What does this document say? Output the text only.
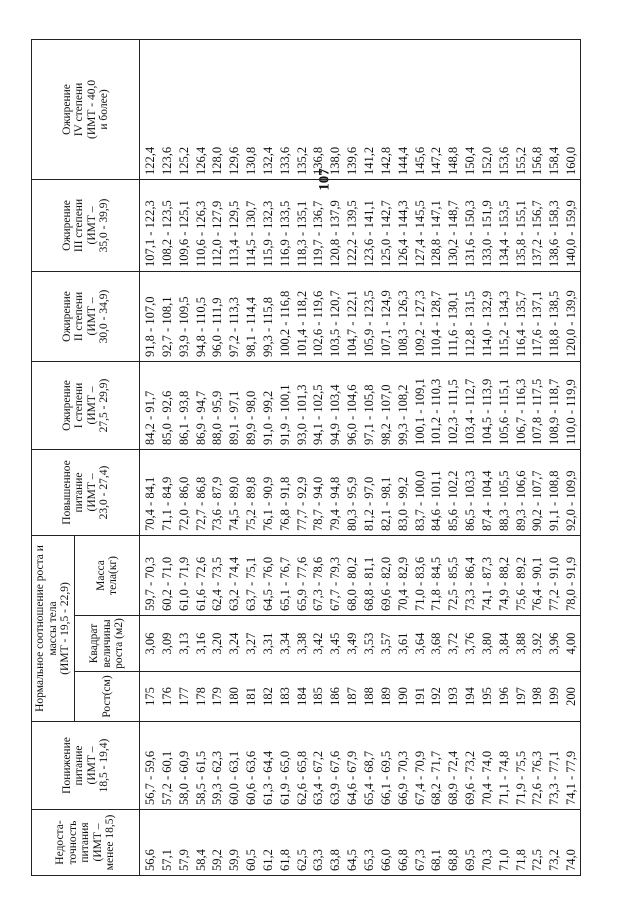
107
Недоста-
точность
питания
(ИМТ –
менее 18,5)	Понижение
питание
(ИМТ –
18,5 - 19,4)	Нормальное соотношение роста и массы тела
(ИМТ - 19,5 - 22,9)			Повышенное
питание
(ИМТ –
23,0 - 27,4)	Ожирение
I степени
(ИМТ –
27,5 - 29,9)	Ожирение
II степени
(ИМТ –
30,0 - 34,9)	Ожирение
III степени
(ИМТ –
35,0 - 39,9)	Ожирение
IV степени
(ИМТ - 40,0
и более)
		Рост(см)	Квадрат
величины
роста (м2)	Масса
тела(кг)					
56,6	56,7 - 59,6	175	3,06	59,7 - 70,3	70,4 - 84,1	84,2 - 91,7	91,8 - 107,0	107,1 - 122,3	122,4
57,1	57,2 - 60,1	176	3,09	60,2 - 71,0	71,1 - 84,9	85,0 - 92,6	92,7 - 108,1	108,2 - 123,5	123,6
57,9	58,0 - 60,9	177	3,13	61,0 - 71,9	72,0 - 86,0	86,1 - 93,8	93,9 - 109,5	109,6 - 125,1	125,2
58,4	58,5 - 61,5	178	3,16	61,6 - 72,6	72,7 - 86,8	86,9 - 94,7	94,8 - 110,5	110,6 - 126,3	126,4
59,2	59,3 - 62,3	179	3,20	62,4 - 73,5	73,6 - 87,9	88,0 - 95,9	96,0 - 111,9	112,0 - 127,9	128,0
59,9	60,0 - 63,1	180	3,24	63,2 - 74,4	74,5 - 89,0	89,1 - 97,1	97,2 - 113,3	113,4 - 129,5	129,6
60,5	60,6 - 63,6	181	3,27	63,7 - 75,1	75,2 - 89,8	89,9 - 98,0	98,1 - 114,4	114,5 - 130,7	130,8
61,2	61,3 - 64,4	182	3,31	64,5 - 76,0	76,1 - 90,9	91,0 - 99,2	99,3 - 115,8	115,9 - 132,3	132,4
61,8	61,9 - 65,0	183	3,34	65,1 - 76,7	76,8 - 91,8	91,9 - 100,1	100,2 - 116,8	116,9 - 133,5	133,6
62,5	62,6 - 65,8	184	3,38	65,9 - 77,6	77,7 - 92,9	93,0 - 101,3	101,4 - 118,2	118,3 - 135,1	135,2
63,3	63,4 - 67,2	185	3,42	67,3 - 78,6	78,7 - 94,0	94,1 - 102,5	102,6 - 119,6	119,7 - 136,7	136,8
63,8	63,9 - 67,6	186	3,45	67,7 - 79,3	79,4 - 94,8	94,9 - 103,4	103,5 - 120,7	120,8 - 137,9	138,0
64,5	64,6 - 67,9	187	3,49	68,0 - 80,2	80,3 - 95,9	96,0 - 104,6	104,7 - 122,1	122,2 - 139,5	139,6
65,3	65,4 - 68,7	188	3,53	68,8 - 81,1	81,2 - 97,0	97,1 - 105,8	105,9 - 123,5	123,6 - 141,1	141,2
66,0	66,1 - 69,5	189	3,57	69,6 - 82,0	82,1 - 98,1	98,2 - 107,0	107,1 - 124,9	125,0 - 142,7	142,8
66,8	66,9 - 70,3	190	3,61	70,4 - 82,9	83,0 - 99,2	99,3 - 108,2	108,3 - 126,3	126,4 - 144,3	144,4
67,3	67,4 - 70,9	191	3,64	71,0 - 83,6	83,7 - 100,0	100,1 - 109,1	109,2 - 127,3	127,4 - 145,5	145,6
68,1	68,2 - 71,7	192	3,68	71,8 - 84,5	84,6 - 101,1	101,2 - 110,3	110,4 - 128,7	128,8 - 147,1	147,2
68,8	68,9 - 72,4	193	3,72	72,5 - 85,5	85,6 - 102,2	102,3 - 111,5	111,6 - 130,1	130,2 - 148,7	148,8
69,5	69,6 - 73,2	194	3,76	73,3 - 86,4	86,5 - 103,3	103,4 - 112,7	112,8 - 131,5	131,6 - 150,3	150,4
70,3	70,4 - 74,0	195	3,80	74,1 - 87,3	87,4 - 104,4	104,5 - 113,9	114,0 - 132,9	133,0 - 151,9	152,0
71,0	71,1 - 74,8	196	3,84	74,9 - 88,2	88,3 - 105,5	105,6 - 115,1	115,2 - 134,3	134,4 - 153,5	153,6
71,8	71,9 - 75,5	197	3,88	75,6 - 89,2	89,3 - 106,6	106,7 - 116,3	116,4 - 135,7	135,8 - 155,1	155,2
72,5	72,6 - 76,3	198	3,92	76,4 - 90,1	90,2 - 107,7	107,8 - 117,5	117,6 - 137,1	137,2 - 156,7	156,8
73,2	73,3 - 77,1	199	3,96	77,2 - 91,0	91,1 - 108,8	108,9 - 118,7	118,8 - 138,5	138,6 - 158,3	158,4
74,0	74,1 - 77,9	200	4,00	78,0 - 91,9	92,0 - 109,9	110,0 - 119,9	120,0 - 139,9	140,0 - 159,9	160,0
